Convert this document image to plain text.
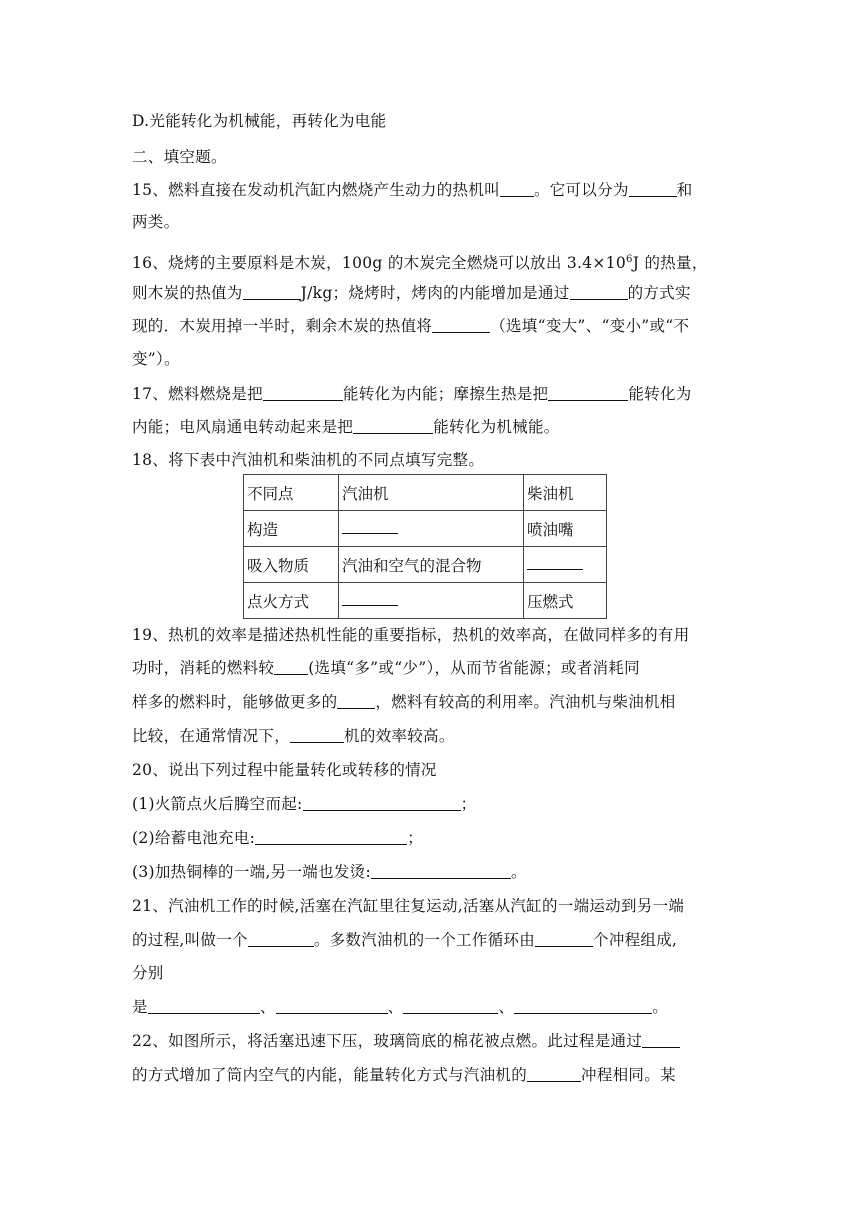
D.光能转化为机械能，再转化为电能
二、填空题。
15、燃料直接在发动机汽缸内燃烧产生动力的热机叫 。它可以分为	和
两类。
16、烧烤的主要原料是木炭，100g 的木炭完全燃烧可以放出 $3.4\times 10^6J$ 的热量，
则木炭的热值为	J/kg；烧烤时，烤肉的内能增加是通过	的方式实
现的．木炭用掉一半时，剩余木炭的热值将	（选填“变大”、“变小”或“不
变”）。
17、燃料燃烧是把	能转化为内能；摩擦生热是把	能转化为
内能；电风扇通电转动起来是把	能转化为机械能。
18、将下表中汽油机和柴油机的不同点填写完整。
不同点	汽油机	柴油机
构造		喷油嘴
吸入物质	汽油和空气的混合物	
点火方式		压燃式
19、热机的效率是描述热机性能的重要指标，热机的效率高，在做同样多的有用
功时，消耗的燃料较 (选填“多”或“少”），从而节省能源；或者消耗同
样多的燃料时，能够做更多的 ，燃料有较高的利用率。汽油机与柴油机相
比较，在通常情况下，	机的效率较高。
20、说出下列过程中能量转化或转移的情况
(1)火箭点火后腾空而起:	；
(2)给蓄电池充电:	；
(3)加热铜棒的一端,另一端也发烫:	。
21、汽油机工作的时候,活塞在汽缸里往复运动,活塞从汽缸的一端运动到另一端
的过程,叫做一个	。多数汽油机的一个工作循环由	个冲程组成,
分别
是	、	、	、	。
22、如图所示，将活塞迅速下压，玻璃筒底的棉花被点燃。此过程是通过
的方式增加了筒内空气的内能，能量转化方式与汽油机的	冲程相同。某
